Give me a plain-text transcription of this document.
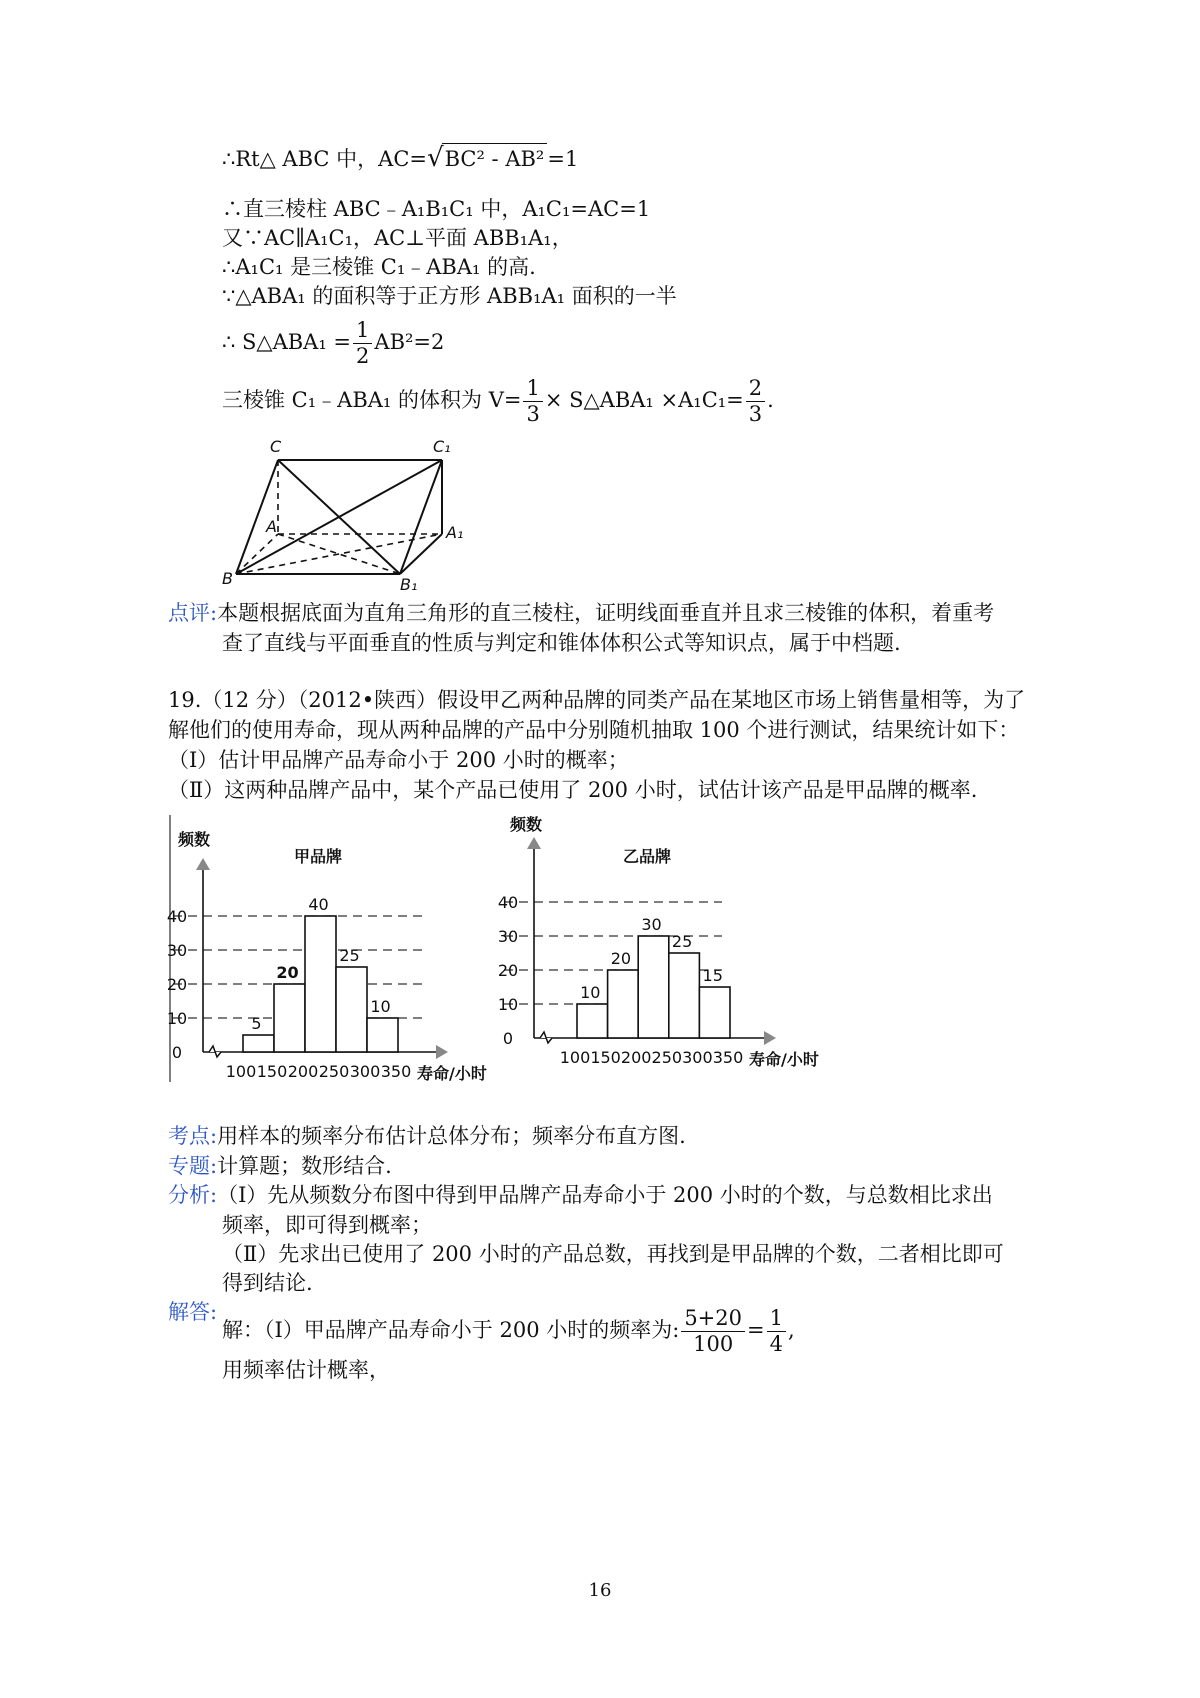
∴Rt△ ABC 中，AC=√BC² - AB² =1
∴直三棱柱 ABC﹣A₁B₁C₁ 中，A₁C₁=AC=1
又∵AC∥A₁C₁，AC⊥平面 ABB₁A₁，
∴A₁C₁ 是三棱锥 C₁﹣ABA₁ 的高.
∵△ABA₁ 的面积等于正方形 ABB₁A₁ 面积的一半
∴ S△ABA₁ = $\frac{1}{2} AB^2=2$
三棱锥 C₁﹣ABA₁ 的体积为 $V= \frac{1}{3}$ × S△ABA₁ $\times A_1C_1= \frac{2}{3}$ .
C	C₁
A	A₁
B	B₁
点评:本题根据底面为直角三角形的直三棱柱，证明线面垂直并且求三棱锥的体积，着重考
查了直线与平面垂直的性质与判定和锥体体积公式等知识点，属于中档题.
19.（12 分）（2012•陕西）假设甲乙两种品牌的同类产品在某地区市场上销售量相等，为了
解他们的使用寿命，现从两种品牌的产品中分别随机抽取 100 个进行测试，结果统计如下：
（Ⅰ）估计甲品牌产品寿命小于 200 小时的概率；
（Ⅱ）这两种品牌产品中，某个产品已使用了 200 小时，试估计该产品是甲品牌的概率.
0
10
20
30
40
5
20
40
25
10
100 150 200 250 300 350
甲品牌
频数
寿命/小时
0
10
20
30
40
10
20
30
25
15
100 150 200 250 300 350
乙品牌
频数
寿命/小时
考点:用样本的频率分布估计总体分布；频率分布直方图.
专题:计算题；数形结合.
分析:（Ⅰ）先从频数分布图中得到甲品牌产品寿命小于 200 小时的个数，与总数相比求出
频率，即可得到概率；
（Ⅱ）先求出已使用了 200 小时的产品总数，再找到是甲品牌的个数，二者相比即可
得到结论.
解答:
解：（Ⅰ）甲品牌产品寿命小于 200 小时的频率为: $\frac{5+20}{100} = \frac{1}{4}$ ,
用频率估计概率，
16
